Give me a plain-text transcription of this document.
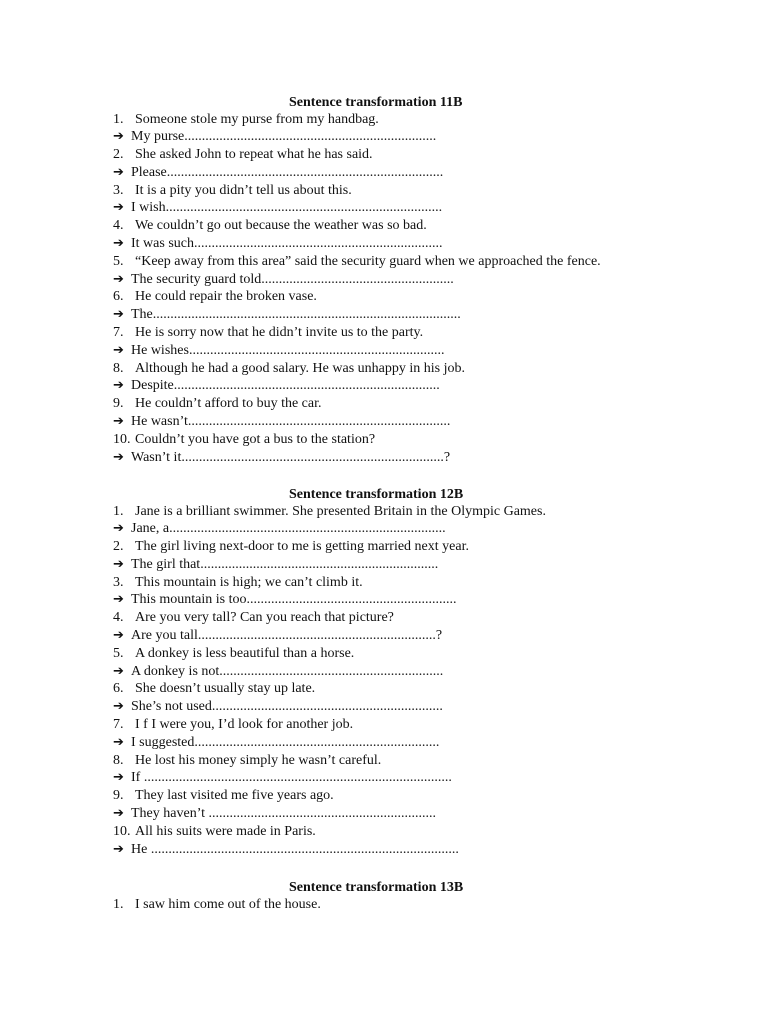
Sentence transformation 11B
1. Someone stole my purse from my handbag.
➔ My purse........................................................................
2. She asked John to repeat what he has said.
➔ Please...............................................................................
3. It is a pity you didn’t tell us about this.
➔ I wish...............................................................................
4. We couldn’t go out because the weather was so bad.
➔ It was such.......................................................................
5. “Keep away from this area” said the security guard when we approached the fence.
➔ The security guard told.......................................................
6. He could repair the broken vase.
➔ The........................................................................................
7. He is sorry now that he didn’t invite us to the party.
➔ He wishes.........................................................................
8. Although he had a good salary. He was unhappy in his job.
➔ Despite............................................................................
9. He couldn’t afford to buy the car.
➔ He wasn’t...........................................................................
10. Couldn’t you have got a bus to the station?
➔ Wasn’t it...........................................................................?
Sentence transformation 12B
1. Jane is a brilliant swimmer. She presented Britain in the Olympic Games.
➔ Jane, a...............................................................................
2. The girl living next-door to me is getting married next year.
➔ The girl that....................................................................
3. This mountain is high; we can’t climb it.
➔ This mountain is too............................................................
4. Are you very tall? Can you reach that picture?
➔ Are you tall....................................................................?
5. A donkey is less beautiful than a horse.
➔ A donkey is not................................................................
6. She doesn’t usually stay up late.
➔ She’s not used..................................................................
7. I f I were you, I’d look for another job.
➔ I suggested......................................................................
8. He lost his money simply he wasn’t careful.
➔ If ........................................................................................
9. They last visited me five years ago.
➔ They haven’t .................................................................
10. All his suits were made in Paris.
➔ He ........................................................................................
Sentence transformation 13B
1. I saw him come out of the house.
